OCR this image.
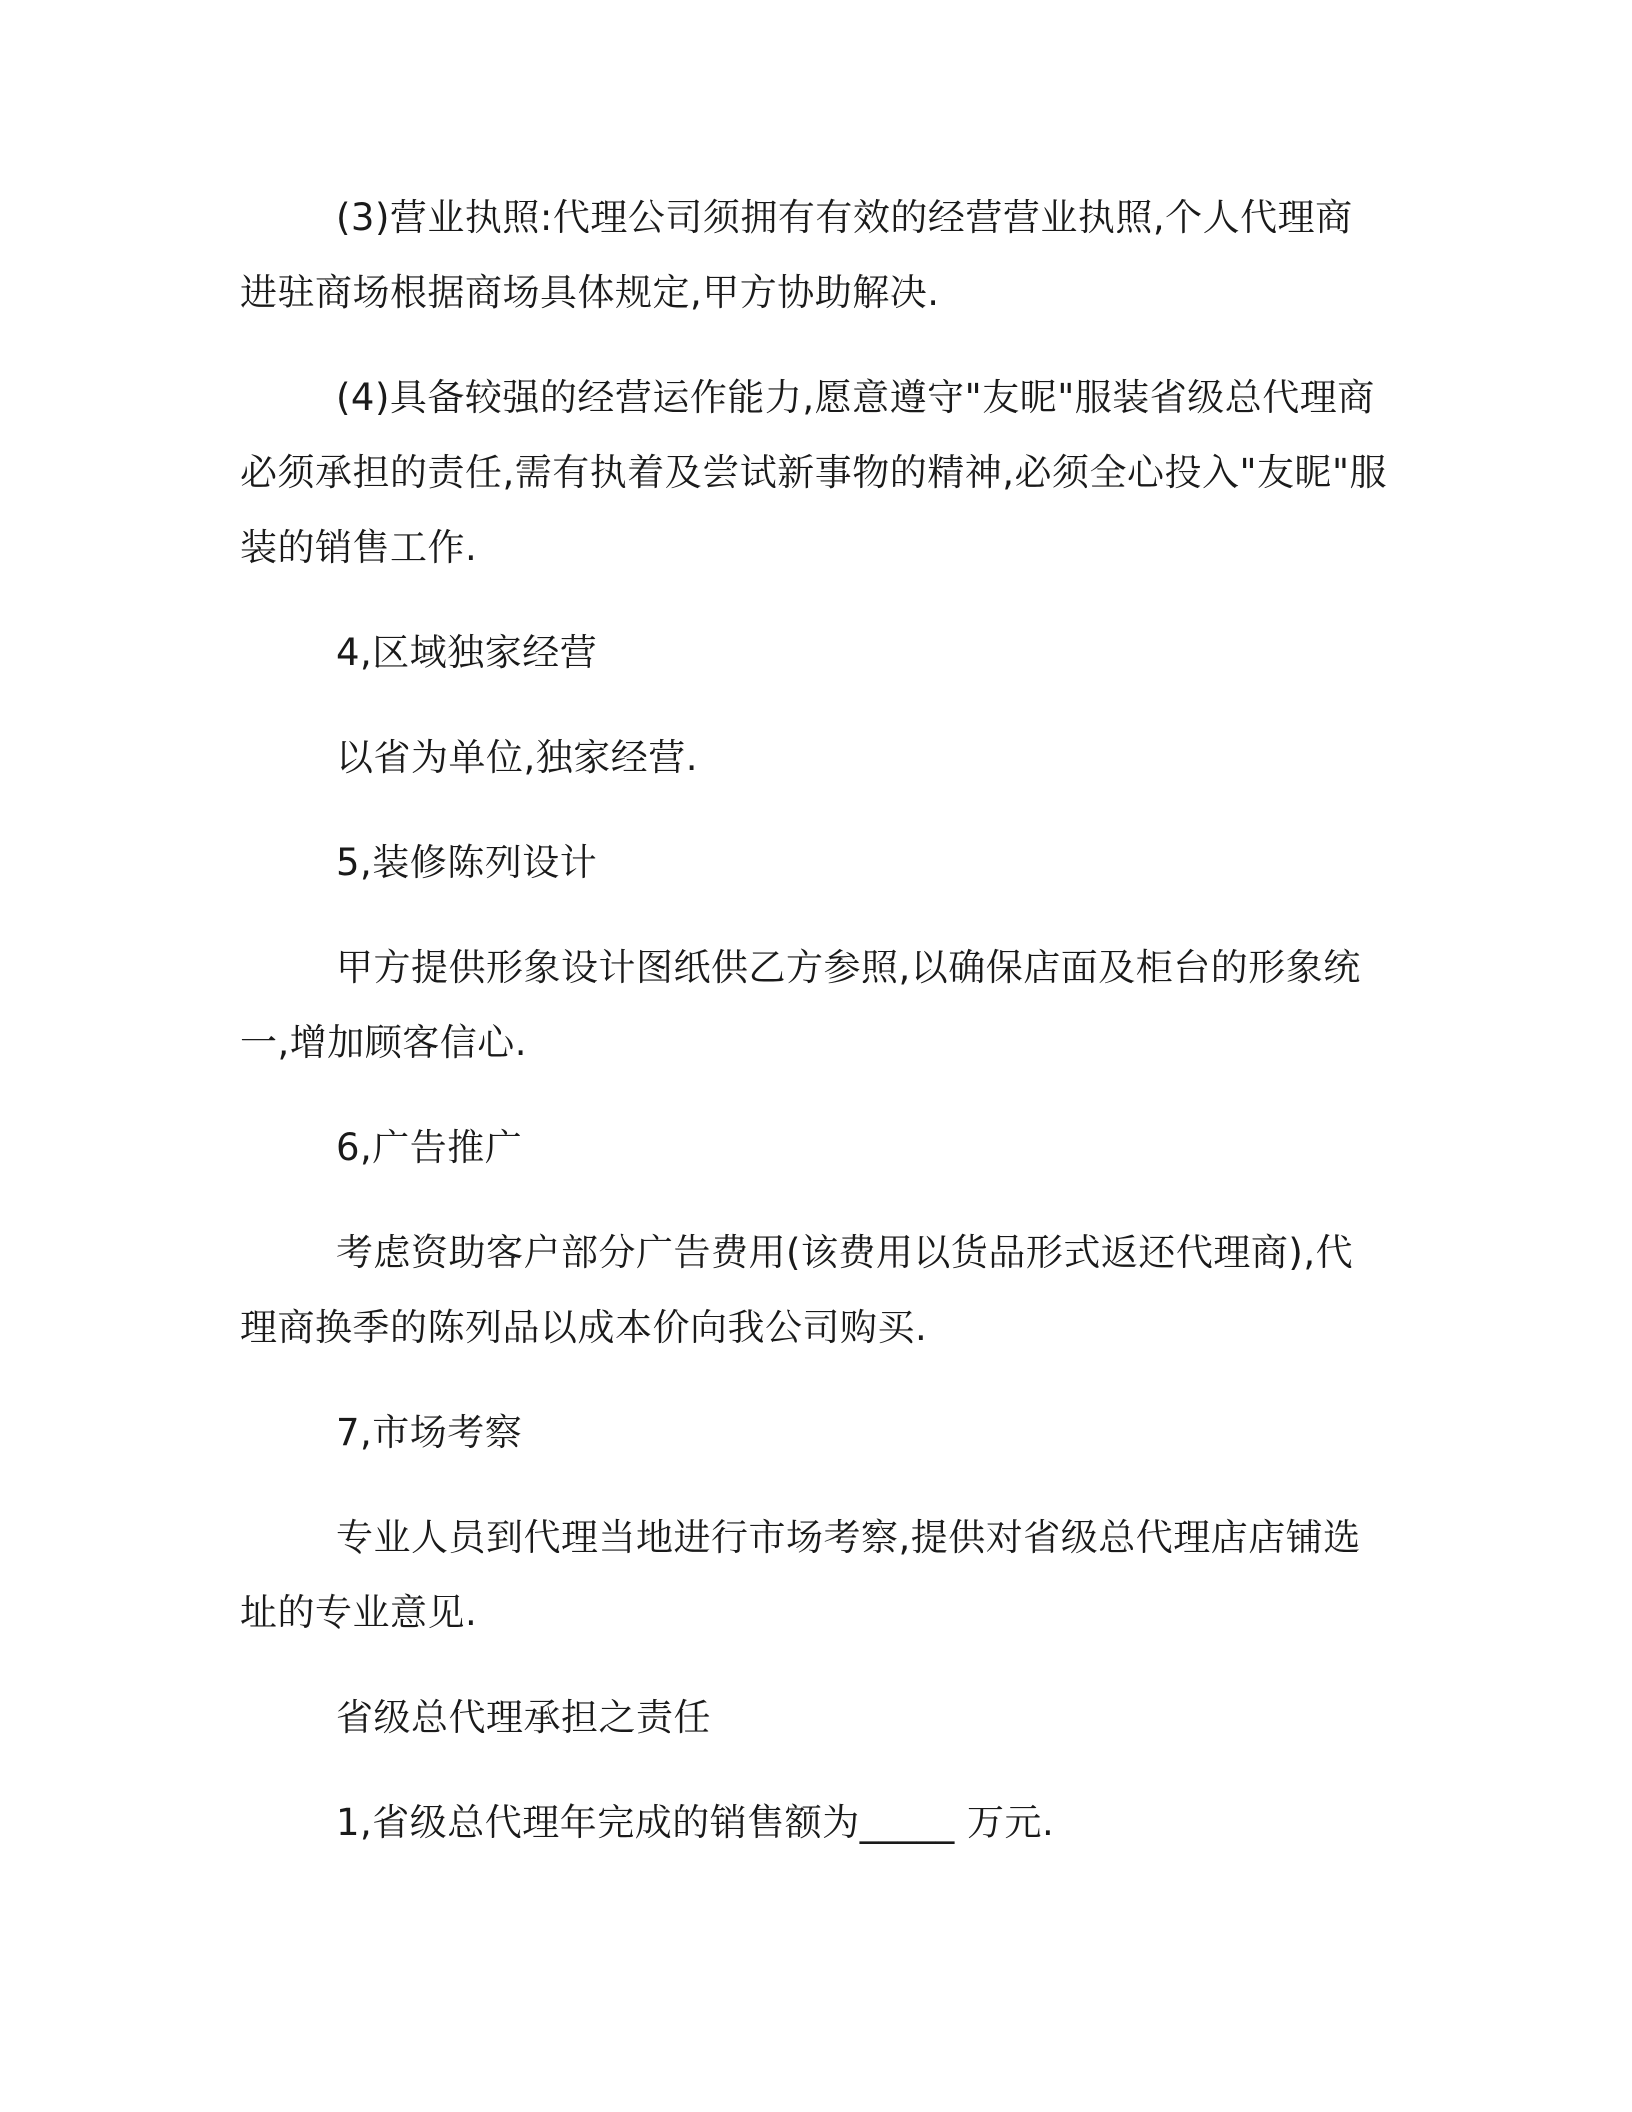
(3)营业执照:代理公司须拥有有效的经营营业执照,个人代理商进驻商场根据商场具体规定,甲方协助解决.

(4)具备较强的经营运作能力,愿意遵守"友昵"服装省级总代理商必须承担的责任,需有执着及尝试新事物的精神,必须全心投入"友昵"服装的销售工作.

4,区域独家经营

以省为单位,独家经营.

5,装修陈列设计

甲方提供形象设计图纸供乙方参照,以确保店面及柜台的形象统一,增加顾客信心.

6,广告推广

考虑资助客户部分广告费用(该费用以货品形式返还代理商),代理商换季的陈列品以成本价向我公司购买.

7,市场考察

专业人员到代理当地进行市场考察,提供对省级总代理店店铺选址的专业意见.

省级总代理承担之责任

1,省级总代理年完成的销售额为_____ 万元.
